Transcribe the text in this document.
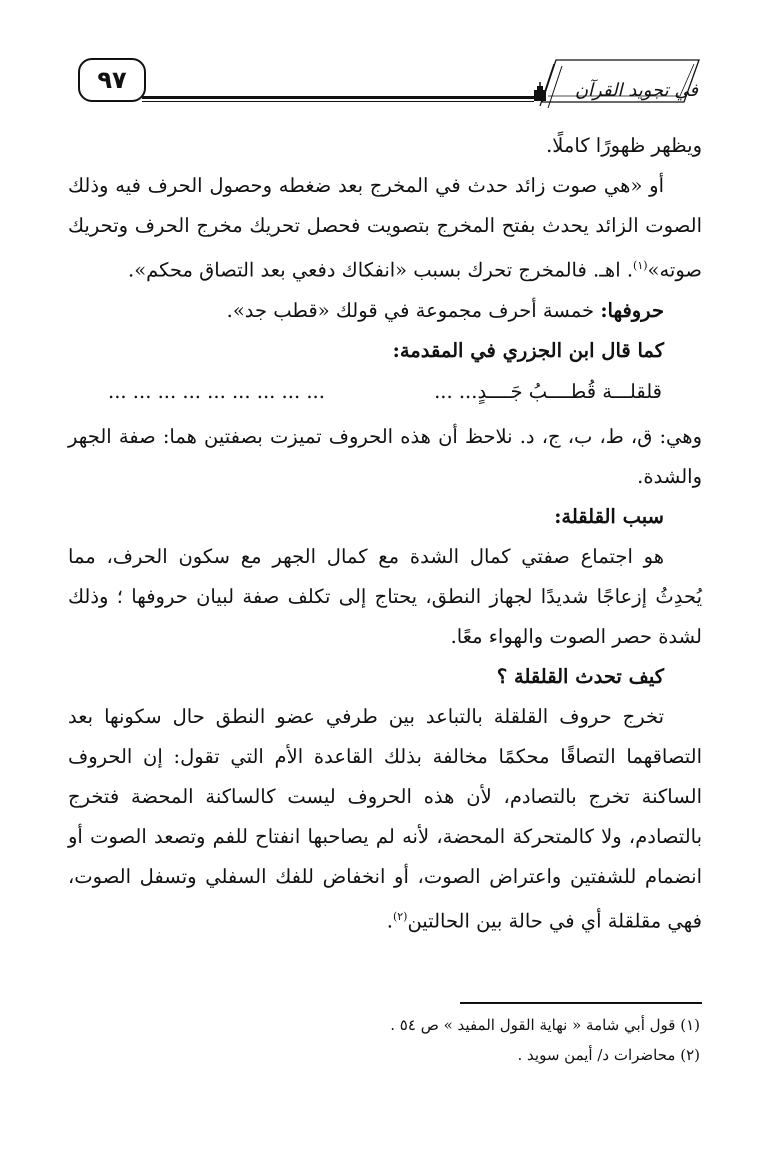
٩٧	في تجويد القرآن

ويظهر ظهورًا كاملًا.

أو «هي صوت زائد حدث في المخرج بعد ضغطه وحصول الحرف فيه وذلك الصوت الزائد يحدث بفتح المخرج بتصويت فحصل تحريك مخرج الحرف وتحريك صوته»$^{(١)}$. اهـ. فالمخرج تحرك بسبب «انفكاك دفعي بعد التصاق محكم».

حروفها: خمسة أحرف مجموعة في قولك «قطب جد».

كما قال ابن الجزري في المقدمة:

قلقلـــة قُطــــبُ جَــــدٍ... ...
... ... ... ... ... ... ... ... ...

وهي: ق، ط، ب، ج، د. نلاحظ أن هذه الحروف تميزت بصفتين هما: صفة الجهر والشدة.

سبب القلقلة:

هو اجتماع صفتي كمال الشدة مع كمال الجهر مع سكون الحرف، مما يُحدِثُ إزعاجًا شديدًا لجهاز النطق، يحتاج إلى تكلف صفة لبيان حروفها ؛ وذلك لشدة حصر الصوت والهواء معًا.

كيف تحدث القلقلة ؟

تخرج حروف القلقلة بالتباعد بين طرفي عضو النطق حال سكونها بعد التصاقهما التصاقًا محكمًا مخالفة بذلك القاعدة الأم التي تقول: إن الحروف الساكنة تخرج بالتصادم، لأن هذه الحروف ليست كالساكنة المحضة فتخرج بالتصادم، ولا كالمتحركة المحضة، لأنه لم يصاحبها انفتاح للفم وتصعد الصوت أو انضمام للشفتين واعتراض الصوت، أو انخفاض للفك السفلي وتسفل الصوت، فهي مقلقلة أي في حالة بين الحالتين$^{(٢)}$.

(١) قول أبي شامة « نهاية القول المفيد » ص ٥٤ .
(٢) محاضرات د/ أيمن سويد .
